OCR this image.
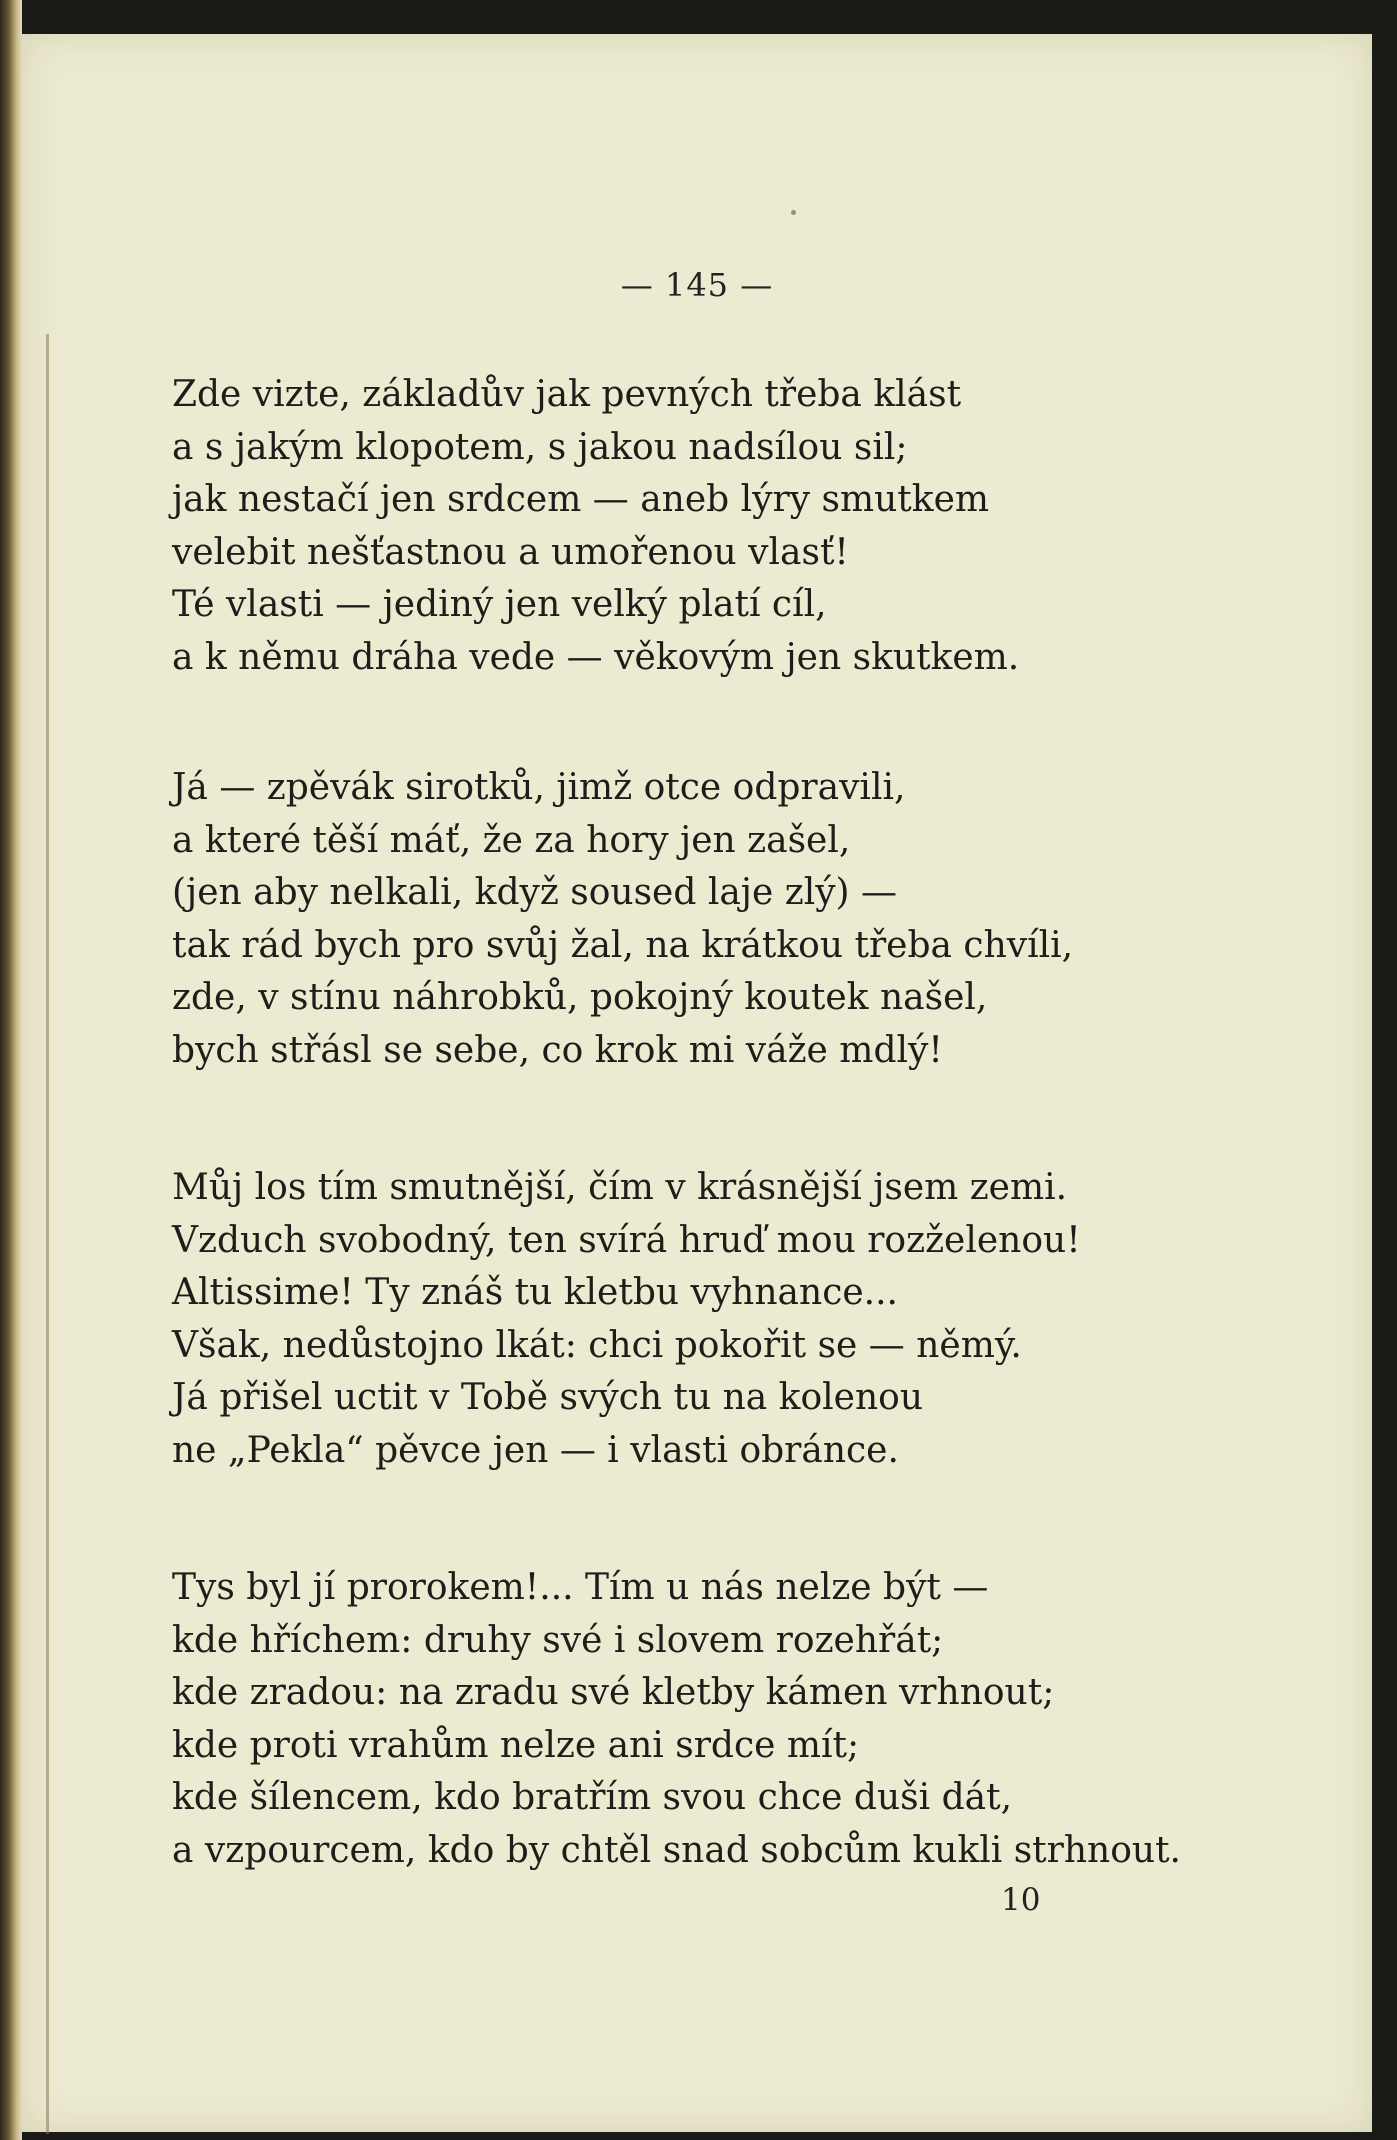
— 145 —
Zde vizte, základův jak pevných třeba klást
a s jakým klopotem, s jakou nadsílou sil;
jak nestačí jen srdcem — aneb lýry smutkem
velebit nešťastnou a umořenou vlasť!
Té vlasti — jediný jen velký platí cíl,
a k němu dráha vede — věkovým jen skutkem.
Já — zpěvák sirotků, jimž otce odpravili,
a které těší máť, že za hory jen zašel,
(jen aby nelkali, když soused laje zlý) —
tak rád bych pro svůj žal, na krátkou třeba chvíli,
zde, v stínu náhrobků, pokojný koutek našel,
bych střásl se sebe, co krok mi váže mdlý!
Můj los tím smutnější, čím v krásnější jsem zemi.
Vzduch svobodný, ten svírá hruď mou rozželenou!
Altissime! Ty znáš tu kletbu vyhnance...
Však, nedůstojno lkát: chci pokořit se — němý.
Já přišel uctit v Tobě svých tu na kolenou
ne „Pekla“ pěvce jen — i vlasti obránce.
Tys byl jí prorokem!... Tím u nás nelze být —
kde hříchem: druhy své i slovem rozehřát;
kde zradou: na zradu své kletby kámen vrhnout;
kde proti vrahům nelze ani srdce mít;
kde šílencem, kdo bratřím svou chce duši dát,
a vzpourcem, kdo by chtěl snad sobcům kukli strhnout.
10
